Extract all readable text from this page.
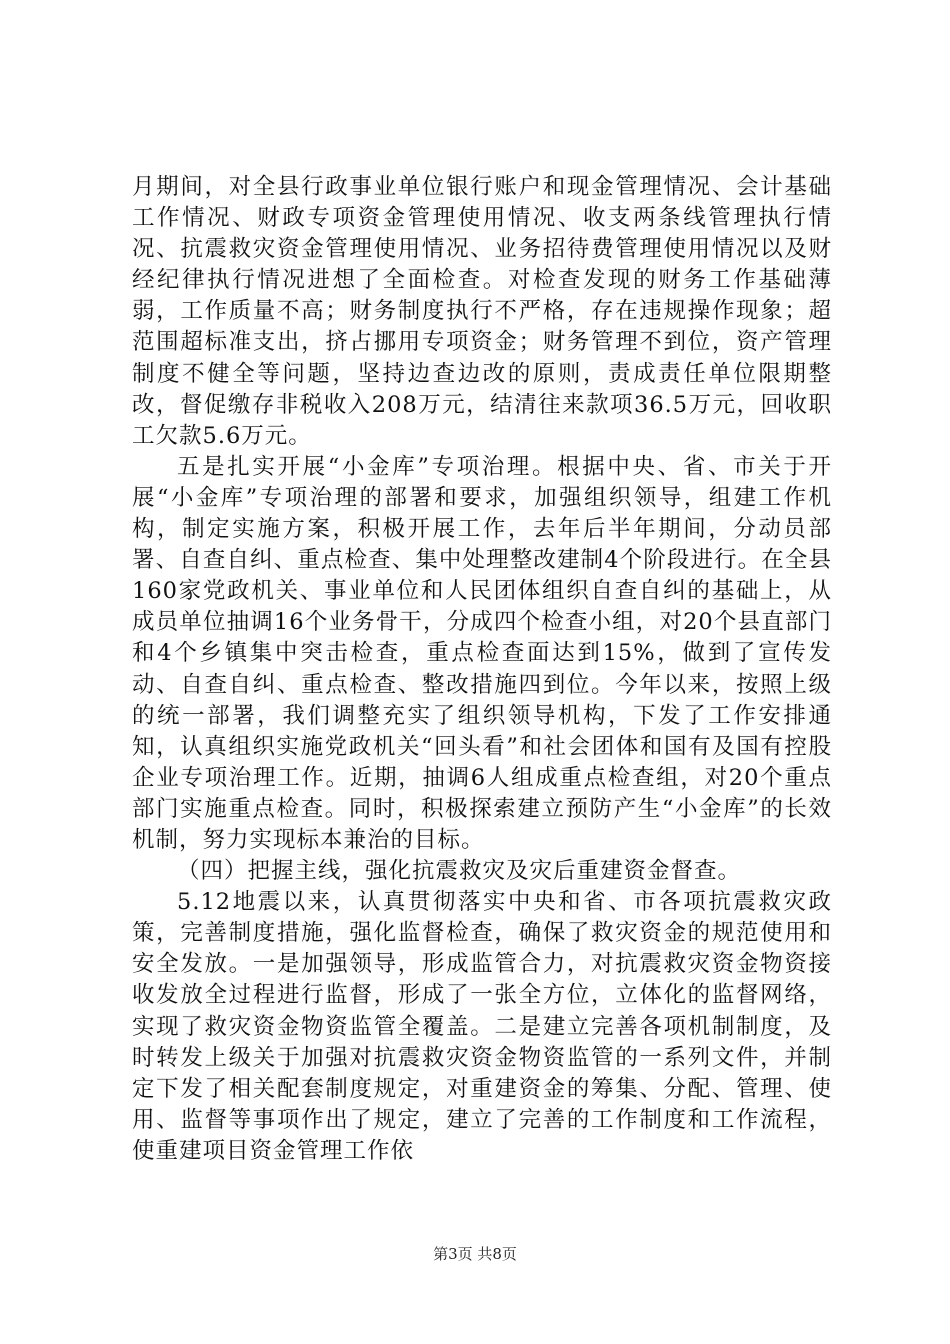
月期间，对全县行政事业单位银行账户和现金管理情况、会计基础工作情况、财政专项资金管理使用情况、收支两条线管理执行情况、抗震救灾资金管理使用情况、业务招待费管理使用情况以及财经纪律执行情况进想了全面检查。对检查发现的财务工作基础薄弱，工作质量不高；财务制度执行不严格，存在违规操作现象；超范围超标准支出，挤占挪用专项资金；财务管理不到位，资产管理制度不健全等问题，坚持边查边改的原则，责成责任单位限期整改，督促缴存非税收入208万元，结清往来款项36.5万元，回收职工欠款5.6万元。

五是扎实开展“小金库”专项治理。根据中央、省、市关于开展“小金库”专项治理的部署和要求，加强组织领导，组建工作机构，制定实施方案，积极开展工作，去年后半年期间，分动员部署、自查自纠、重点检查、集中处理整改建制4个阶段进行。在全县160家党政机关、事业单位和人民团体组织自查自纠的基础上，从成员单位抽调16个业务骨干，分成四个检查小组，对20个县直部门和4个乡镇集中突击检查，重点检查面达到15%，做到了宣传发动、自查自纠、重点检查、整改措施四到位。今年以来，按照上级的统一部署，我们调整充实了组织领导机构，下发了工作安排通知，认真组织实施党政机关“回头看”和社会团体和国有及国有控股企业专项治理工作。近期，抽调6人组成重点检查组，对20个重点部门实施重点检查。同时，积极探索建立预防产生“小金库”的长效机制，努力实现标本兼治的目标。

（四）把握主线，强化抗震救灾及灾后重建资金督查。

5.12地震以来，认真贯彻落实中央和省、市各项抗震救灾政策，完善制度措施，强化监督检查，确保了救灾资金的规范使用和安全发放。一是加强领导，形成监管合力，对抗震救灾资金物资接收发放全过程进行监督，形成了一张全方位，立体化的监督网络，实现了救灾资金物资监管全覆盖。二是建立完善各项机制制度，及时转发上级关于加强对抗震救灾资金物资监管的一系列文件，并制定下发了相关配套制度规定，对重建资金的筹集、分配、管理、使用、监督等事项作出了规定，建立了完善的工作制度和工作流程，使重建项目资金管理工作依

第3页 共8页
